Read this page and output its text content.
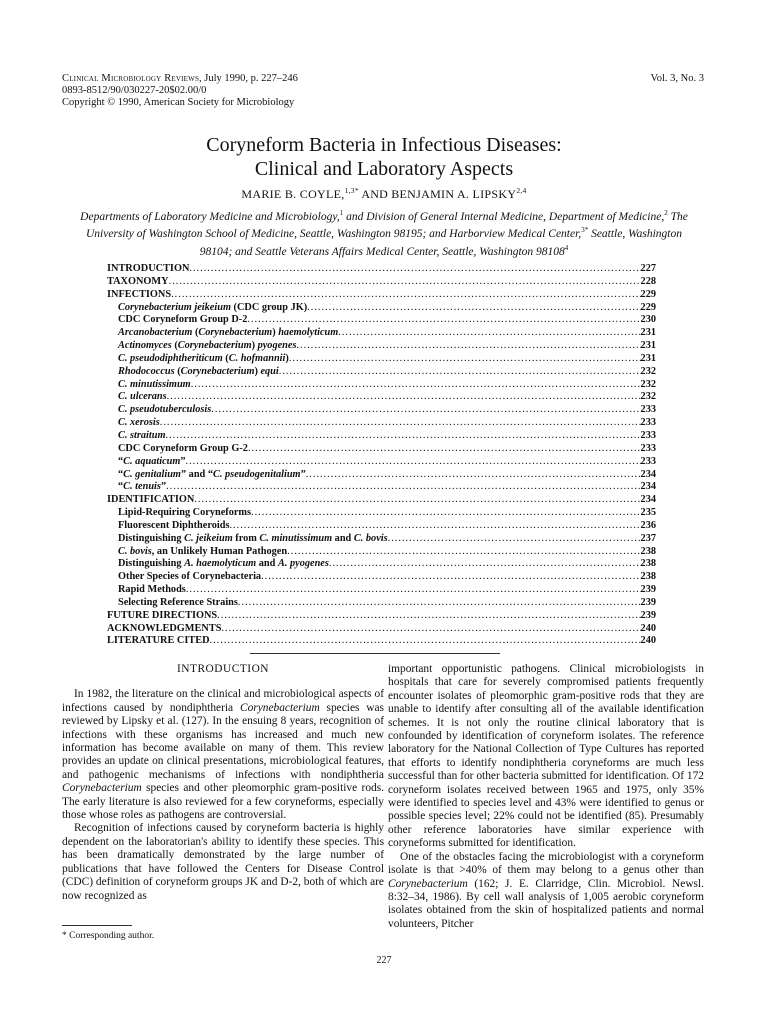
Clinical Microbiology Reviews, July 1990, p. 227–246	Vol. 3, No. 3
0893-8512/90/030227-20$02.00/0
Copyright © 1990, American Society for Microbiology
Coryneform Bacteria in Infectious Diseases:
Clinical and Laboratory Aspects
MARIE B. COYLE,$^{1,3*}$ AND BENJAMIN A. LIPSKY$^{2,4}$
Departments of Laboratory Medicine and Microbiology,$^1$ and Division of General Internal Medicine, Department of Medicine,$^2$ The University of Washington School of Medicine, Seattle, Washington 98195; and Harborview Medical Center,$^{3*}$ Seattle, Washington 98104; and Seattle Veterans Affairs Medical Center, Seattle, Washington 98108$^4$
INTRODUCTION .....	227
TAXONOMY .....	228
INFECTIONS .....	229
Corynebacterium jeikeium (CDC group JK) .....	229
CDC Coryneform Group D-2 .....	230
Arcanobacterium (Corynebacterium) haemolyticum .....	231
Actinomyces (Corynebacterium) pyogenes .....	231
C. pseudodiphtheriticum (C. hofmannii) .....	231
Rhodococcus (Corynebacterium) equi .....	232
C. minutissimum .....	232
C. ulcerans .....	232
C. pseudotuberculosis .....	233
C. xerosis .....	233
C. straitum .....	233
CDC Coryneform Group G-2 .....	233
“C. aquaticum” .....	233
“C. genitalium” and “C. pseudogenitalium” .....	234
“C. tenuis” .....	234
IDENTIFICATION .....	234
Lipid-Requiring Coryneforms .....	235
Fluorescent Diphtheroids .....	236
Distinguishing C. jeikeium from C. minutissimum and C. bovis .....	237
C. bovis, an Unlikely Human Pathogen .....	238
Distinguishing A. haemolyticum and A. pyogenes .....	238
Other Species of Corynebacteria .....	238
Rapid Methods .....	239
Selecting Reference Strains .....	239
FUTURE DIRECTIONS .....	239
ACKNOWLEDGMENTS .....	240
LITERATURE CITED .....	240
INTRODUCTION

In 1982, the literature on the clinical and microbiological aspects of infections caused by nondiphtheria Corynebacterium species was reviewed by Lipsky et al. (127). In the ensuing 8 years, recognition of infections with these organisms has increased and much new information has become available on many of them. This review provides an update on clinical presentations, microbiological features, and pathogenic mechanisms of infections with nondiphtheria Corynebacterium species and other pleomorphic gram-positive rods. The early literature is also reviewed for a few coryneforms, especially those whose roles as pathogens are controversial.

Recognition of infections caused by coryneform bacteria is highly dependent on the laboratorian's ability to identify these species. This has been dramatically demonstrated by the large number of publications that have followed the Centers for Disease Control (CDC) definition of coryneform groups JK and D-2, both of which are now recognized as

important opportunistic pathogens. Clinical microbiologists in hospitals that care for severely compromised patients frequently encounter isolates of pleomorphic gram-positive rods that they are unable to identify after consulting all of the available identification schemes. It is not only the routine clinical laboratory that is confounded by identification of coryneform isolates. The reference laboratory for the National Collection of Type Cultures has reported that efforts to identify nondiphtheria coryneforms are much less successful than for other bacteria submitted for identification. Of 172 coryneform isolates received between 1965 and 1975, only 35% were identified to species level and 43% were identified to genus or possible species level; 22% could not be identified (85). Presumably other reference laboratories have similar experience with coryneforms submitted for identification.

One of the obstacles facing the microbiologist with a coryneform isolate is that >40% of them may belong to a genus other than Corynebacterium (162; J. E. Clarridge, Clin. Microbiol. Newsl. 8:32–34, 1986). By cell wall analysis of 1,005 aerobic coryneform isolates obtained from the skin of hospitalized patients and normal volunteers, Pitcher

* Corresponding author.
227
